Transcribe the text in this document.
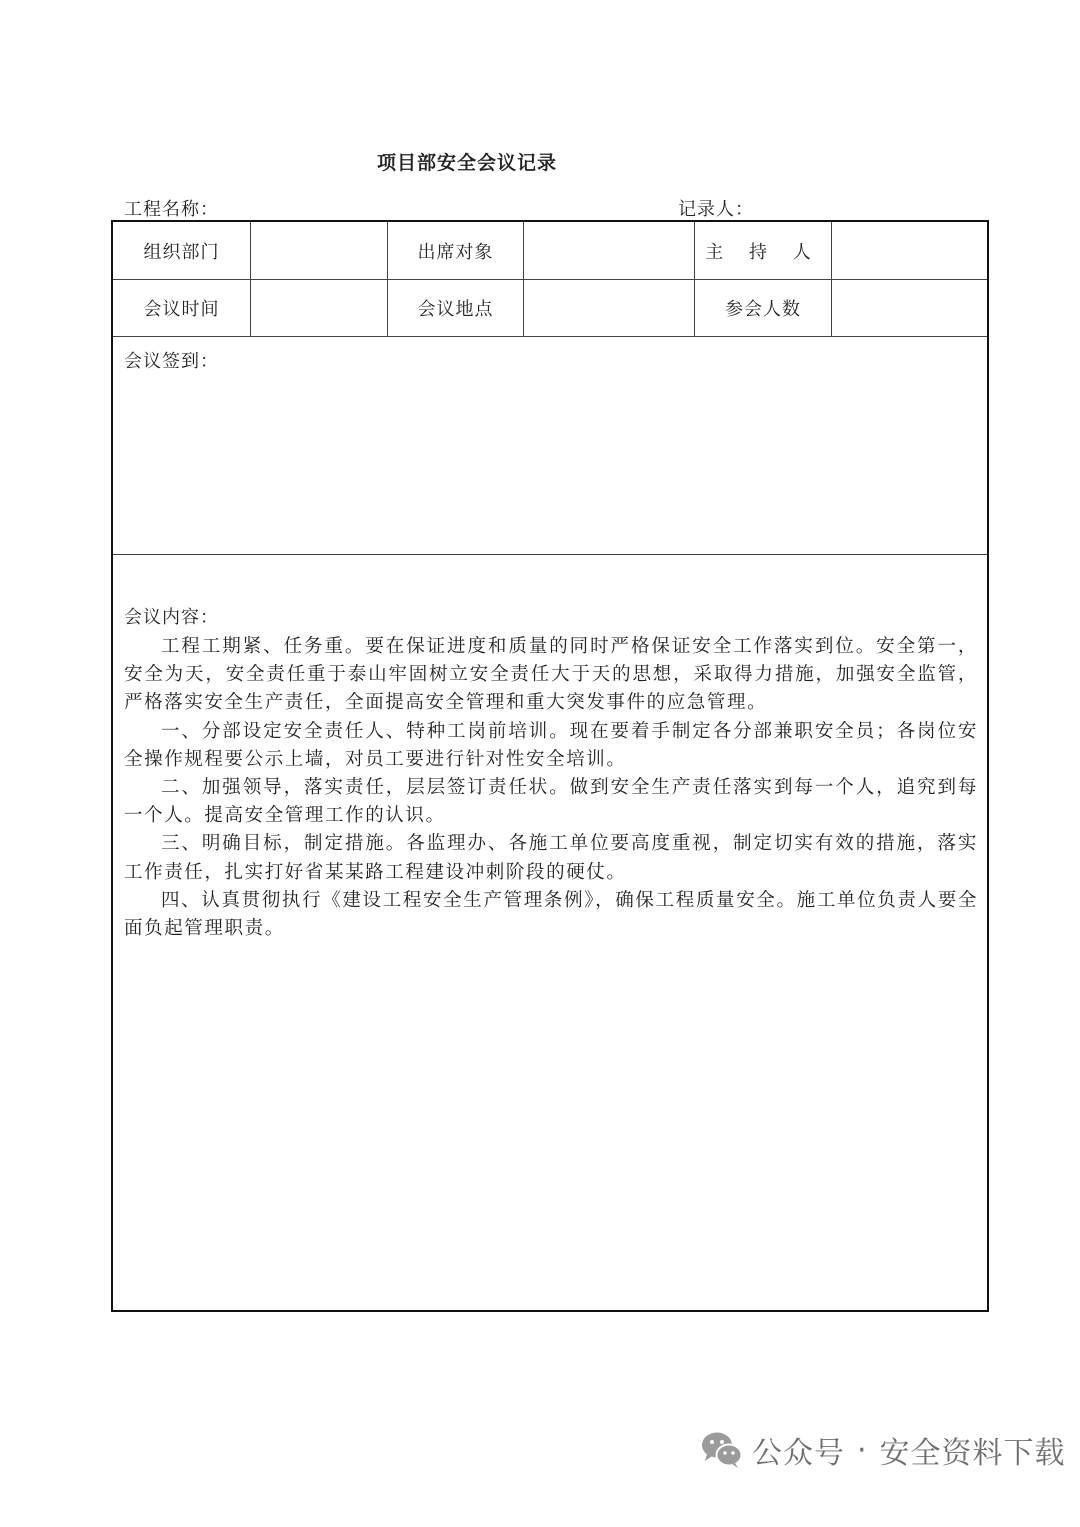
项目部安全会议记录
工程名称：	记录人：
组织部门	出席对象	主 持 人
会议时间	会议地点	参会人数
会议签到：
会议内容：

工程工期紧、任务重。要在保证进度和质量的同时严格保证安全工作落实到位。安全第一，安全为天，安全责任重于泰山牢固树立安全责任大于天的思想，采取得力措施，加强安全监管，严格落实安全生产责任，全面提高安全管理和重大突发事件的应急管理。

一、分部设定安全责任人、特种工岗前培训。现在要着手制定各分部兼职安全员；各岗位安全操作规程要公示上墙，对员工要进行针对性安全培训。

二、加强领导，落实责任，层层签订责任状。做到安全生产责任落实到每一个人，追究到每一个人。提高安全管理工作的认识。

三、明确目标，制定措施。各监理办、各施工单位要高度重视，制定切实有效的措施，落实工作责任，扎实打好省某某路工程建设冲刺阶段的硬仗。

四、认真贯彻执行《建设工程安全生产管理条例》，确保工程质量安全。施工单位负责人要全面负起管理职责。

公众号 · 安全资料下载
